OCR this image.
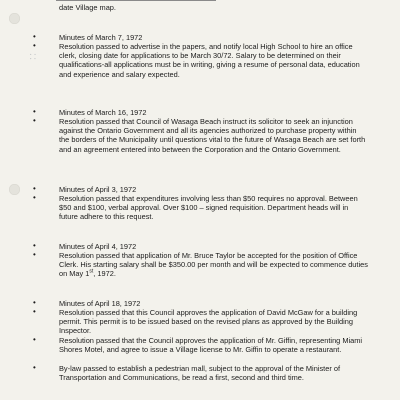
date Village map.
⸬
•	Minutes of March 7, 1972
•	Resolution passed to advertise in the papers, and notify local High School to hire an office clerk, closing date for applications to be March 30/72. Salary to be determined on their qualifications-all applications must be in writing, giving a resume of personal data, education and experience and salary expected.
•	Minutes of March 16, 1972
•	Resolution passed that Council of Wasaga Beach instruct its solicitor to seek an injunction against the Ontario Government and all its agencies authorized to purchase property within the borders of the Municipality until questions vital to the future of Wasaga Beach are set forth and an agreement entered into between the Corporation and the Ontario Government.
•	Minutes of April 3, 1972
•	Resolution passed that expenditures involving less than $50 requires no approval. Between $50 and $100, verbal approval. Over $100 – signed requisition. Department heads will in future adhere to this request.
•	Minutes of April 4, 1972
•	Resolution passed that application of Mr. Bruce Taylor be accepted for the position of Office Clerk. His starting salary shall be $350.00 per month and will be expected to commence duties on May 1st, 1972.
•	Minutes of April 18, 1972
•	Resolution passed that this Council approves the application of David McGaw for a building permit. This permit is to be issued based on the revised plans as approved by the Building Inspector.
•	Resolution passed that the Council approves the application of Mr. Giffin, representing Miami Shores Motel, and agree to issue a Village license to Mr. Giffin to operate a restaurant.
•	By-law passed to establish a pedestrian mall, subject to the approval of the Minister of Transportation and Communications, be read a first, second and third time.
